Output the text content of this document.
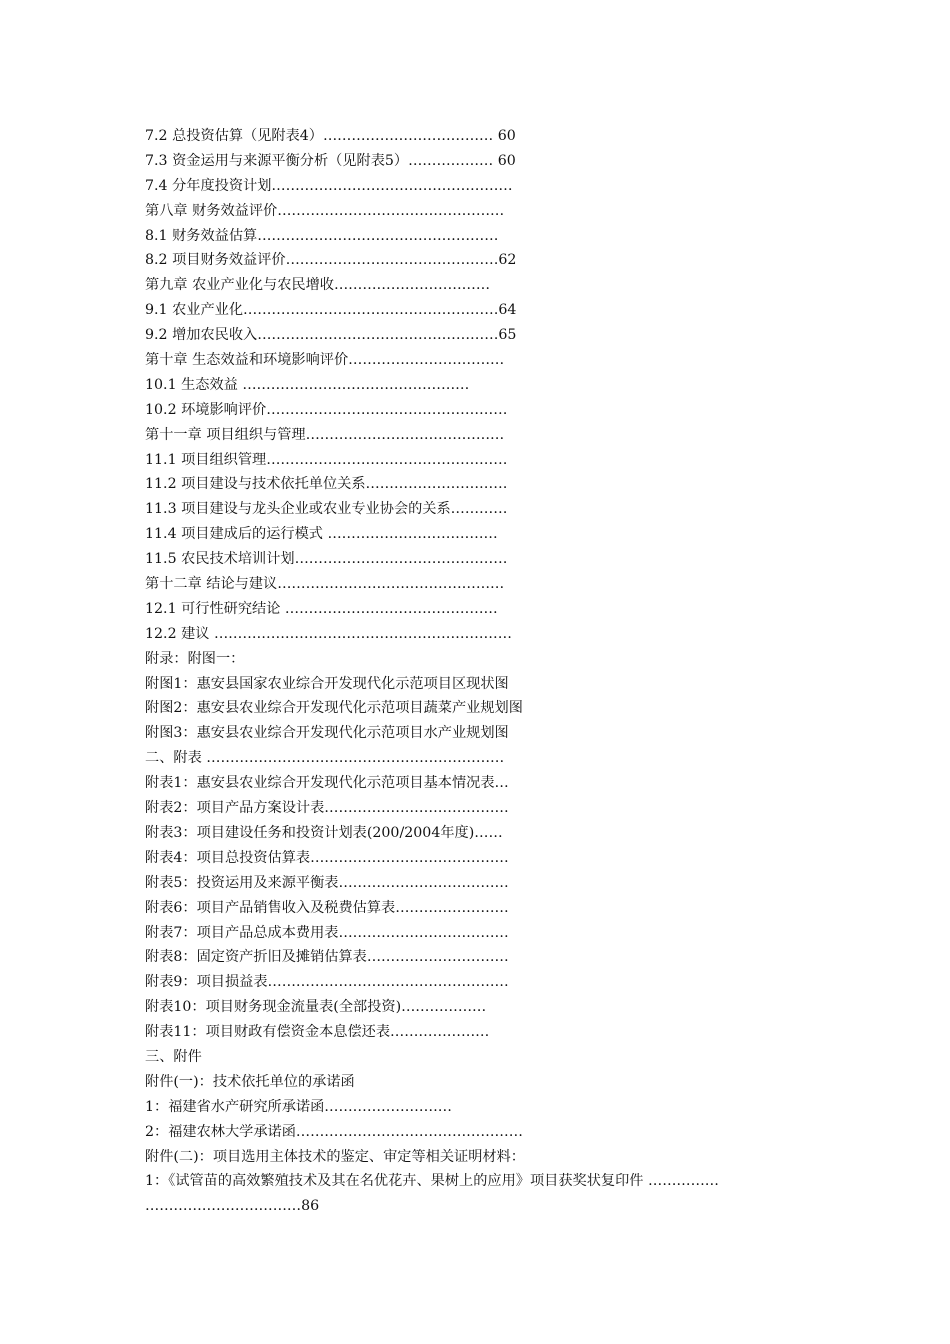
7.2 总投资估算（见附表4）……………………………… 60
7.3 资金运用与来源平衡分析（见附表5）……………… 60
7.4 分年度投资计划……………………………………………
第八章 财务效益评价…………………………………………
8.1 财务效益估算……………………………………………
8.2 项目财务效益评价………………………………………62
第九章 农业产业化与农民增收……………………………
9.1 农业产业化………………………………………………64
9.2 增加农民收入……………………………………………65
第十章 生态效益和环境影响评价……………………………
10.1 生态效益 …………………………………………
10.2 环境影响评价……………………………………………
第十一章 项目组织与管理……………………………………
11.1 项目组织管理……………………………………………
11.2 项目建设与技术依托单位关系…………………………
11.3 项目建设与龙头企业或农业专业协会的关系…………
11.4 项目建成后的运行模式 ………………………………
11.5 农民技术培训计划………………………………………
第十二章 结论与建议…………………………………………
12.1 可行性研究结论 ………………………………………
12.2 建议 ………………………………………………………
附录：附图一：
附图1：惠安县国家农业综合开发现代化示范项目区现状图
附图2：惠安县农业综合开发现代化示范项目蔬菜产业规划图
附图3：惠安县农业综合开发现代化示范项目水产业规划图
二、附表 ………………………………………………………
附表1：惠安县农业综合开发现代化示范项目基本情况表…
附表2：项目产品方案设计表…………………………………
附表3：项目建设任务和投资计划表(200/2004年度)……
附表4：项目总投资估算表……………………………………
附表5：投资运用及来源平衡表………………………………
附表6：项目产品销售收入及税费估算表……………………
附表7：项目产品总成本费用表………………………………
附表8：固定资产折旧及摊销估算表…………………………
附表9：项目损益表……………………………………………
附表10：项目财务现金流量表(全部投资)………………
附表11：项目财政有偿资金本息偿还表…………………
三、附件
附件(一)：技术依托单位的承诺函
1：福建省水产研究所承诺函………………………
2：福建农林大学承诺函…………………………………………
附件(二)：项目选用主体技术的鉴定、审定等相关证明材料：
1：《试管苗的高效繁殖技术及其在名优花卉、果树上的应用》项目获奖状复印件 ……………
……………………………86
